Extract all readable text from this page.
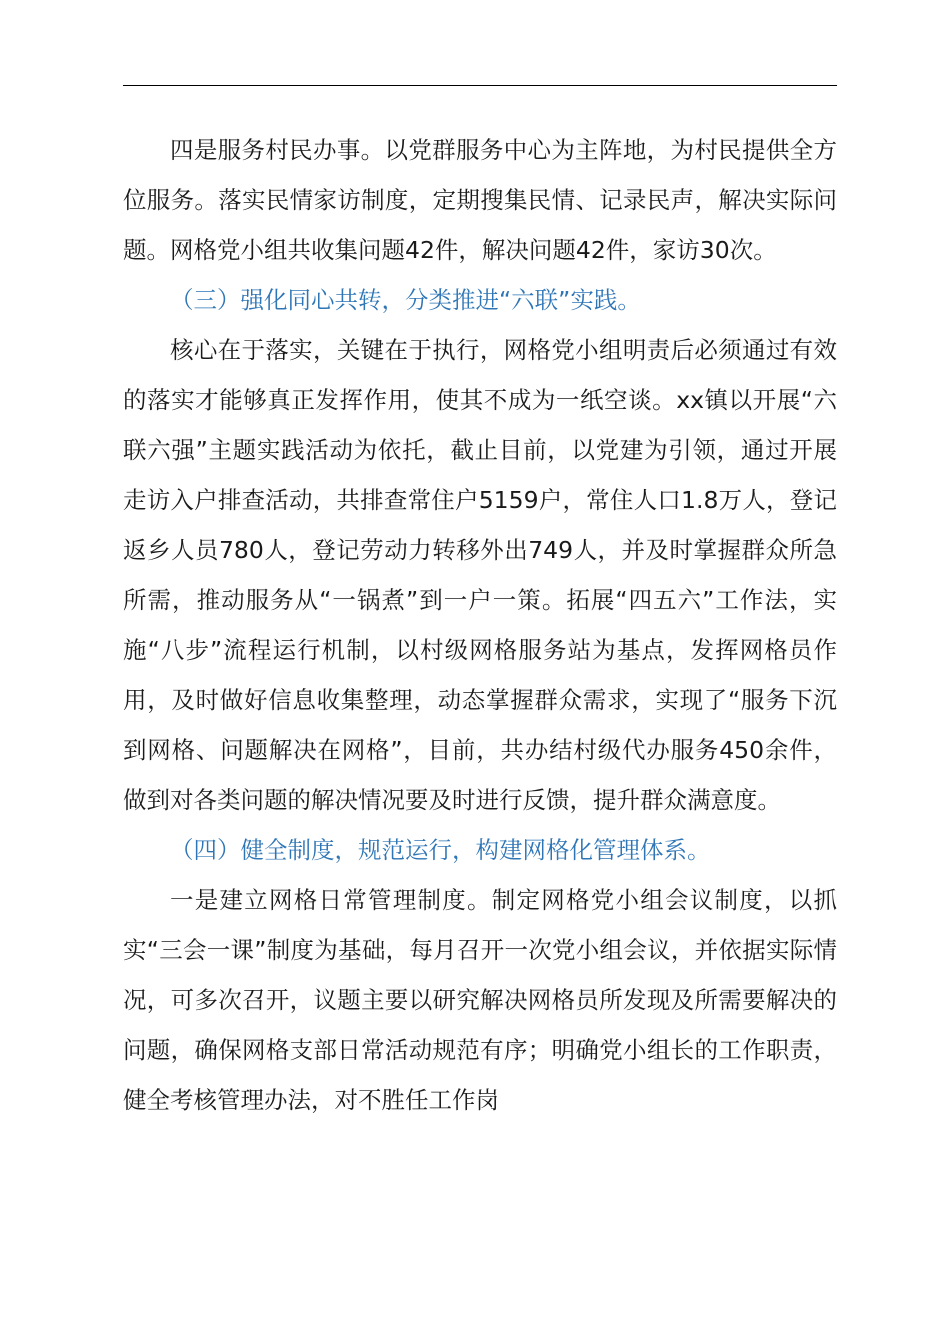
四是服务村民办事。以党群服务中心为主阵地，为村民提供全方位服务。落实民情家访制度，定期搜集民情、记录民声，解决实际问题。网格党小组共收集问题42件，解决问题42件，家访30次。

（三）强化同心共转，分类推进“六联”实践。

核心在于落实，关键在于执行，网格党小组明责后必须通过有效的落实才能够真正发挥作用，使其不成为一纸空谈。xx镇以开展“六联六强”主题实践活动为依托，截止目前，以党建为引领，通过开展走访入户排查活动，共排查常住户5159户，常住人口1.8万人，登记返乡人员780人，登记劳动力转移外出749人，并及时掌握群众所急所需，推动服务从“一锅煮”到一户一策。拓展“四五六”工作法，实施“八步”流程运行机制，以村级网格服务站为基点，发挥网格员作用，及时做好信息收集整理，动态掌握群众需求，实现了“服务下沉到网格、问题解决在网格”，目前，共办结村级代办服务450余件，做到对各类问题的解决情况要及时进行反馈，提升群众满意度。

（四）健全制度，规范运行，构建网格化管理体系。

一是建立网格日常管理制度。制定网格党小组会议制度，以抓实“三会一课”制度为基础，每月召开一次党小组会议，并依据实际情况，可多次召开，议题主要以研究解决网格员所发现及所需要解决的问题，确保网格支部日常活动规范有序；明确党小组长的工作职责，健全考核管理办法，对不胜任工作岗
